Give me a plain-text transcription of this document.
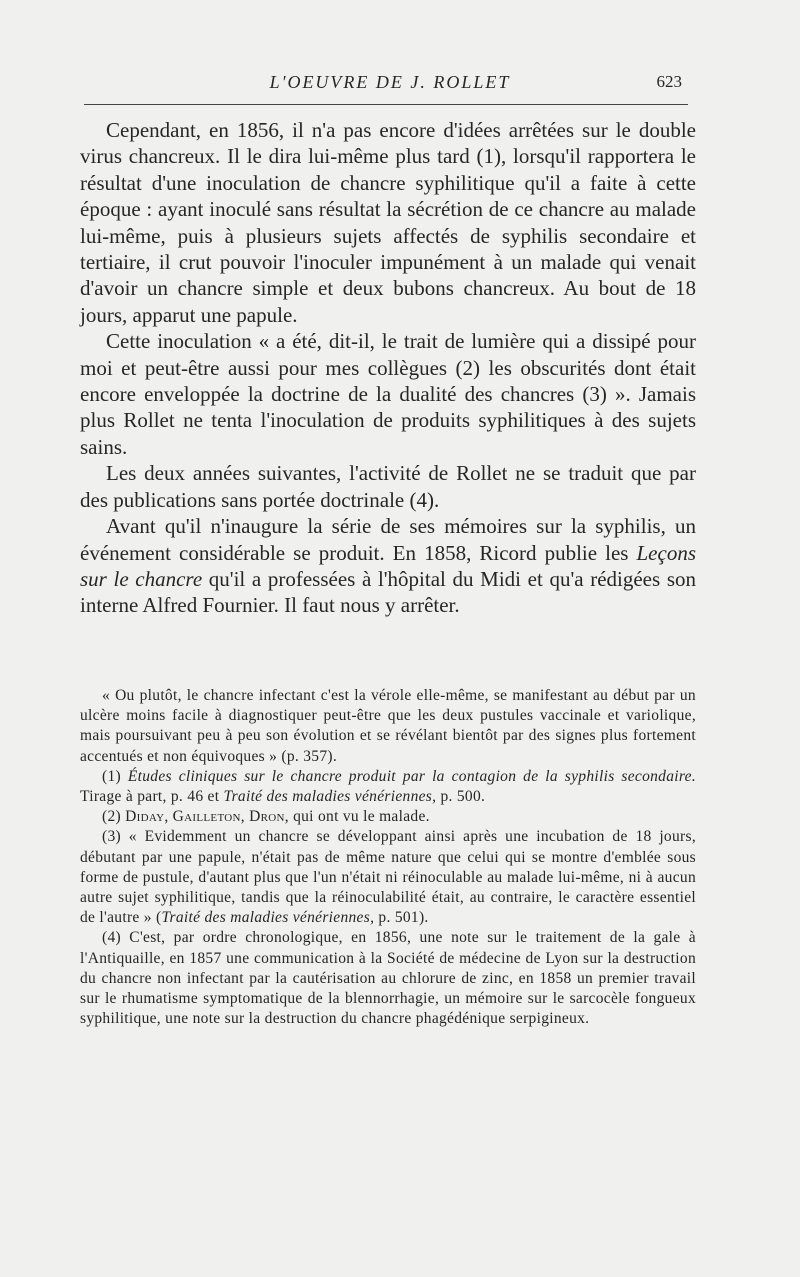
L'OEUVRE DE J. ROLLET	623

Cependant, en 1856, il n'a pas encore d'idées arrêtées sur le double virus chancreux. Il le dira lui-même plus tard (1), lorsqu'il rapportera le résultat d'une inoculation de chancre syphilitique qu'il a faite à cette époque : ayant inoculé sans résultat la sécrétion de ce chancre au malade lui-même, puis à plusieurs sujets affectés de syphilis secondaire et tertiaire, il crut pouvoir l'inoculer impunément à un malade qui venait d'avoir un chancre simple et deux bubons chancreux. Au bout de 18 jours, apparut une papule.

Cette inoculation « a été, dit-il, le trait de lumière qui a dissipé pour moi et peut-être aussi pour mes collègues (2) les obscurités dont était encore enveloppée la doctrine de la dualité des chancres (3) ». Jamais plus Rollet ne tenta l'inoculation de produits syphilitiques à des sujets sains.

Les deux années suivantes, l'activité de Rollet ne se traduit que par des publications sans portée doctrinale (4).

Avant qu'il n'inaugure la série de ses mémoires sur la syphilis, un événement considérable se produit. En 1858, Ricord publie les Leçons sur le chancre qu'il a professées à l'hôpital du Midi et qu'a rédigées son interne Alfred Fournier. Il faut nous y arrêter.

« Ou plutôt, le chancre infectant c'est la vérole elle-même, se manifestant au début par un ulcère moins facile à diagnostiquer peut-être que les deux pustules vaccinale et variolique, mais poursuivant peu à peu son évolution et se révélant bientôt par des signes plus fortement accentués et non équivoques » (p. 357).

(1) Études cliniques sur le chancre produit par la contagion de la syphilis secondaire. Tirage à part, p. 46 et Traité des maladies vénériennes, p. 500.

(2) Diday, Gailleton, Dron, qui ont vu le malade.

(3) « Evidemment un chancre se développant ainsi après une incubation de 18 jours, débutant par une papule, n'était pas de même nature que celui qui se montre d'emblée sous forme de pustule, d'autant plus que l'un n'était ni réinoculable au malade lui-même, ni à aucun autre sujet syphilitique, tandis que la réinoculabilité était, au contraire, le caractère essentiel de l'autre » (Traité des maladies vénériennes, p. 501).

(4) C'est, par ordre chronologique, en 1856, une note sur le traitement de la gale à l'Antiquaille, en 1857 une communication à la Société de médecine de Lyon sur la destruction du chancre non infectant par la cautérisation au chlorure de zinc, en 1858 un premier travail sur le rhumatisme symptomatique de la blennorrhagie, un mémoire sur le sarcocèle fongueux syphilitique, une note sur la destruction du chancre phagédénique serpigineux.
